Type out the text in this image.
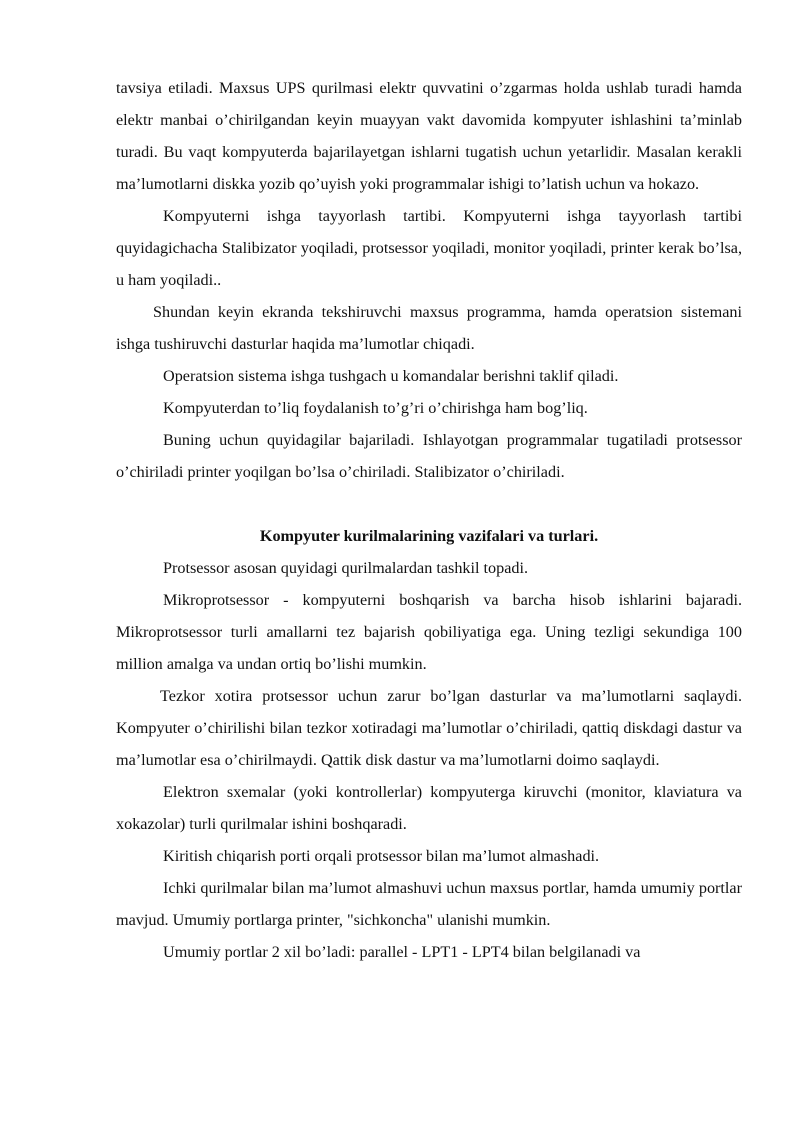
tavsiya etiladi. Maxsus UPS qurilmasi elektr quvvatini o’zgarmas holda ushlab turadi hamda elektr manbai o’chirilgandan keyin muayyan vakt davomida kompyuter ishlashini ta’minlab turadi. Bu vaqt kompyuterda bajarilayetgan ishlarni tugatish uchun yetarlidir. Masalan kerakli ma’lumotlarni diskka yozib qo’uyish yoki programmalar ishigi to’latish uchun va hokazo.

Kompyuterni ishga tayyorlash tartibi. Kompyuterni ishga tayyorlash tartibi quyidagichacha Stalibizator yoqiladi, protsessor yoqiladi, monitor yoqiladi, printer kerak bo’lsa, u ham yoqiladi..

Shundan keyin ekranda tekshiruvchi maxsus programma, hamda operatsion sistemani ishga tushiruvchi dasturlar haqida ma’lumotlar chiqadi.

Operatsion sistema ishga tushgach u komandalar berishni taklif qiladi.

Kompyuterdan to’liq foydalanish to’g’ri o’chirishga ham bog’liq.

Buning uchun quyidagilar bajariladi. Ishlayotgan programmalar tugatiladi protsessor o’chiriladi printer yoqilgan bo’lsa o’chiriladi. Stalibizator o’chiriladi.

Kompyuter kurilmalarining vazifalari va turlari.

Protsessor asosan quyidagi qurilmalardan tashkil topadi.

Mikroprotsessor - kompyuterni boshqarish va barcha hisob ishlarini bajaradi. Mikroprotsessor turli amallarni tez bajarish qobiliyatiga ega. Uning tezligi sekundiga 100 million amalga va undan ortiq bo’lishi mumkin.

Tezkor xotira protsessor uchun zarur bo’lgan dasturlar va ma’lumotlarni saqlaydi. Kompyuter o’chirilishi bilan tezkor xotiradagi ma’lumotlar o’chiriladi, qattiq diskdagi dastur va ma’lumotlar esa o’chirilmaydi. Qattik disk dastur va ma’lumotlarni doimo saqlaydi.

Elektron sxemalar (yoki kontrollerlar) kompyuterga kiruvchi (monitor, klaviatura va xokazolar) turli qurilmalar ishini boshqaradi.

Kiritish chiqarish porti orqali protsessor bilan ma’lumot almashadi.

Ichki qurilmalar bilan ma’lumot almashuvi uchun maxsus portlar, hamda umumiy portlar mavjud. Umumiy portlarga printer, "sichkoncha" ulanishi mumkin.

Umumiy portlar 2 xil bo’ladi: parallel - LPT1 - LPT4 bilan belgilanadi va
